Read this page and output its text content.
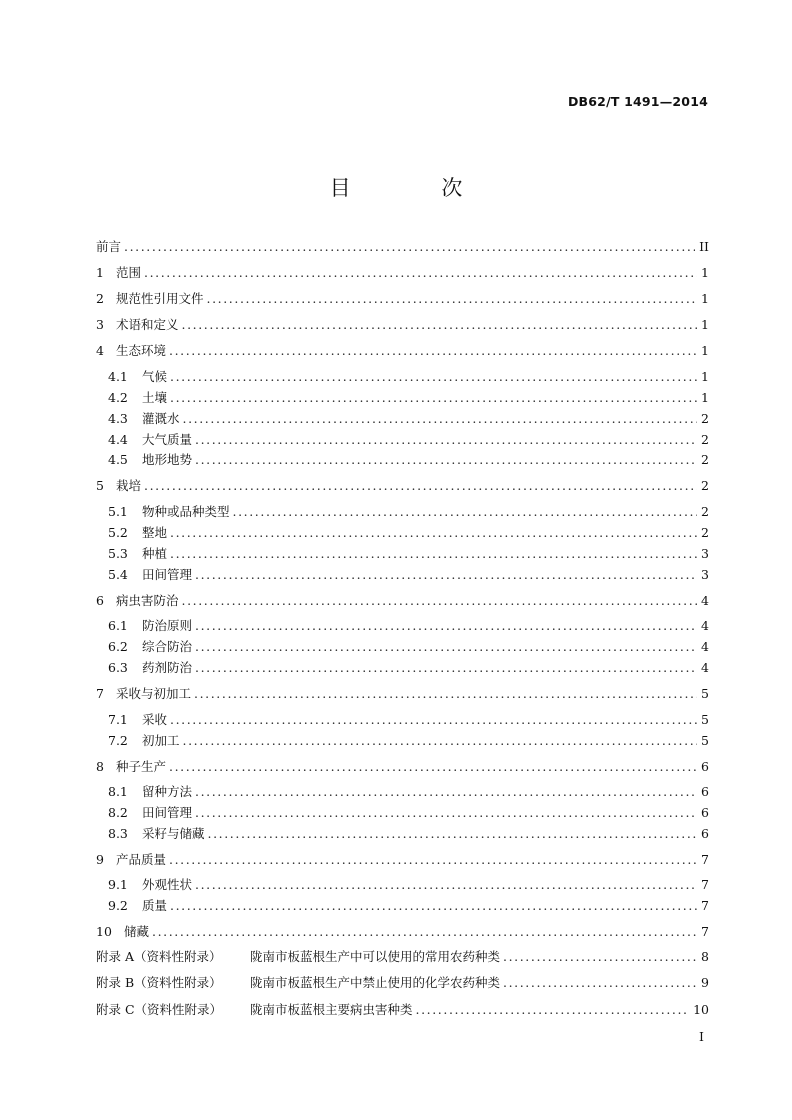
DB62/T 1491—2014
目 次
前言 .....	II
1 范围 .....	1
2 规范性引用文件 .....	1
3 术语和定义 .....	1
4 生态环境 .....	1
4.1	气候 .....	1
4.2	土壤 .....	1
4.3	灌溉水 .....	2
4.4	大气质量 .....	2
4.5	地形地势 .....	2
5 栽培 .....	2
5.1	物种或品种类型 .....	2
5.2	整地 .....	2
5.3	种植 .....	3
5.4	田间管理 .....	3
6 病虫害防治 .....	4
6.1	防治原则 .....	4
6.2	综合防治 .....	4
6.3	药剂防治 .....	4
7 采收与初加工 .....	5
7.1	采收 .....	5
7.2	初加工 .....	5
8 种子生产 .....	6
8.1	留种方法 .....	6
8.2	田间管理 .....	6
8.3	采籽与储藏 .....	6
9 产品质量 .....	7
9.1	外观性状 .....	7
9.2	质量 .....	7
10 储藏 .....	7
附录 A（资料性附录）	陇南市板蓝根生产中可以使用的常用农药种类 .....	8
附录 B（资料性附录）	陇南市板蓝根生产中禁止使用的化学农药种类 .....	9
附录 C（资料性附录）	陇南市板蓝根主要病虫害种类 .....	10
I
